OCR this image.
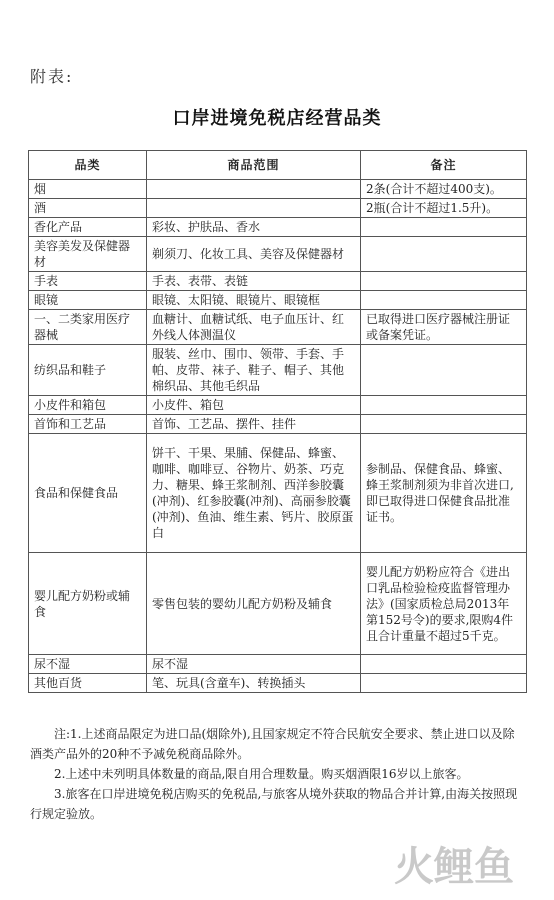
附表:
口岸进境免税店经营品类
品类	商品范围	备注
烟		2条(合计不超过400支)。
酒		2瓶(合计不超过1.5升)。
香化产品	彩妆、护肤品、香水	
美容美发及保健器材	剃须刀、化妆工具、美容及保健器材	
手表	手表、表带、表链	
眼镜	眼镜、太阳镜、眼镜片、眼镜框	
一、二类家用医疗器械	血糖计、血糖试纸、电子血压计、红外线人体测温仪	已取得进口医疗器械注册证或备案凭证。
纺织品和鞋子	服装、丝巾、围巾、领带、手套、手帕、皮带、袜子、鞋子、帽子、其他棉织品、其他毛织品	
小皮件和箱包	小皮件、箱包	
首饰和工艺品	首饰、工艺品、摆件、挂件	
食品和保健食品	饼干、干果、果脯、保健品、蜂蜜、咖啡、咖啡豆、谷物片、奶茶、巧克力、糖果、蜂王浆制剂、西洋参胶囊(冲剂)、红参胶囊(冲剂)、高丽参胶囊(冲剂)、鱼油、维生素、钙片、胶原蛋白	参制品、保健食品、蜂蜜、蜂王浆制剂须为非首次进口,即已取得进口保健食品批准证书。
婴儿配方奶粉或辅食	零售包装的婴幼儿配方奶粉及辅食	婴儿配方奶粉应符合《进出口乳品检验检疫监督管理办法》(国家质检总局2013年第152号令)的要求,限购4件且合计重量不超过5千克。
尿不湿	尿不湿	
其他百货	笔、玩具(含童车)、转换插头	

注:1.上述商品限定为进口品(烟除外),且国家规定不符合民航安全要求、禁止进口以及除酒类产品外的20种不予减免税商品除外。

2.上述中未列明具体数量的商品,限自用合理数量。购买烟酒限16岁以上旅客。

3.旅客在口岸进境免税店购买的免税品,与旅客从境外获取的物品合并计算,由海关按照现行规定验放。

火鲤鱼
